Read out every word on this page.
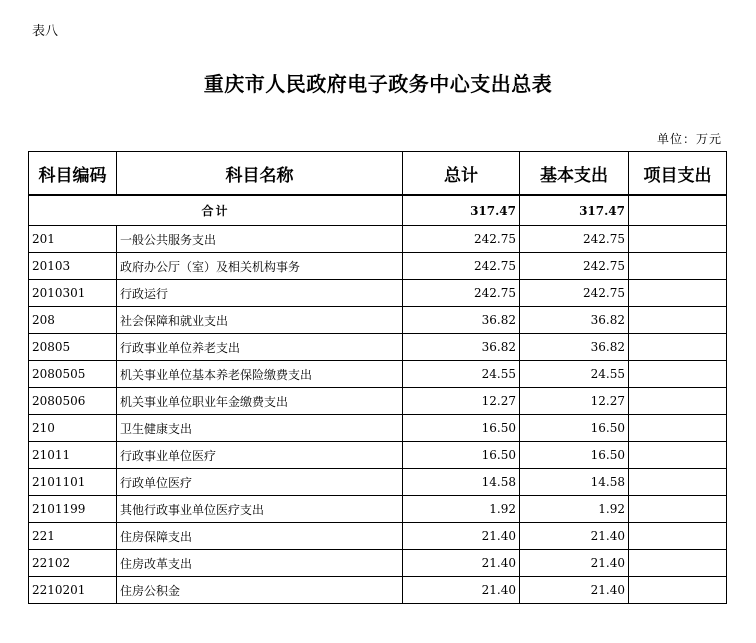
表八
重庆市人民政府电子政务中心支出总表
单位：万元
科目编码	科目名称	总计	基本支出	项目支出
合计		317.47	317.47	
201	一般公共服务支出	242.75	242.75	
20103	政府办公厅（室）及相关机构事务	242.75	242.75	
2010301	行政运行	242.75	242.75	
208	社会保障和就业支出	36.82	36.82	
20805	行政事业单位养老支出	36.82	36.82	
2080505	机关事业单位基本养老保险缴费支出	24.55	24.55	
2080506	机关事业单位职业年金缴费支出	12.27	12.27	
210	卫生健康支出	16.50	16.50	
21011	行政事业单位医疗	16.50	16.50	
2101101	行政单位医疗	14.58	14.58	
2101199	其他行政事业单位医疗支出	1.92	1.92	
221	住房保障支出	21.40	21.40	
22102	住房改革支出	21.40	21.40	
2210201	住房公积金	21.40	21.40	
